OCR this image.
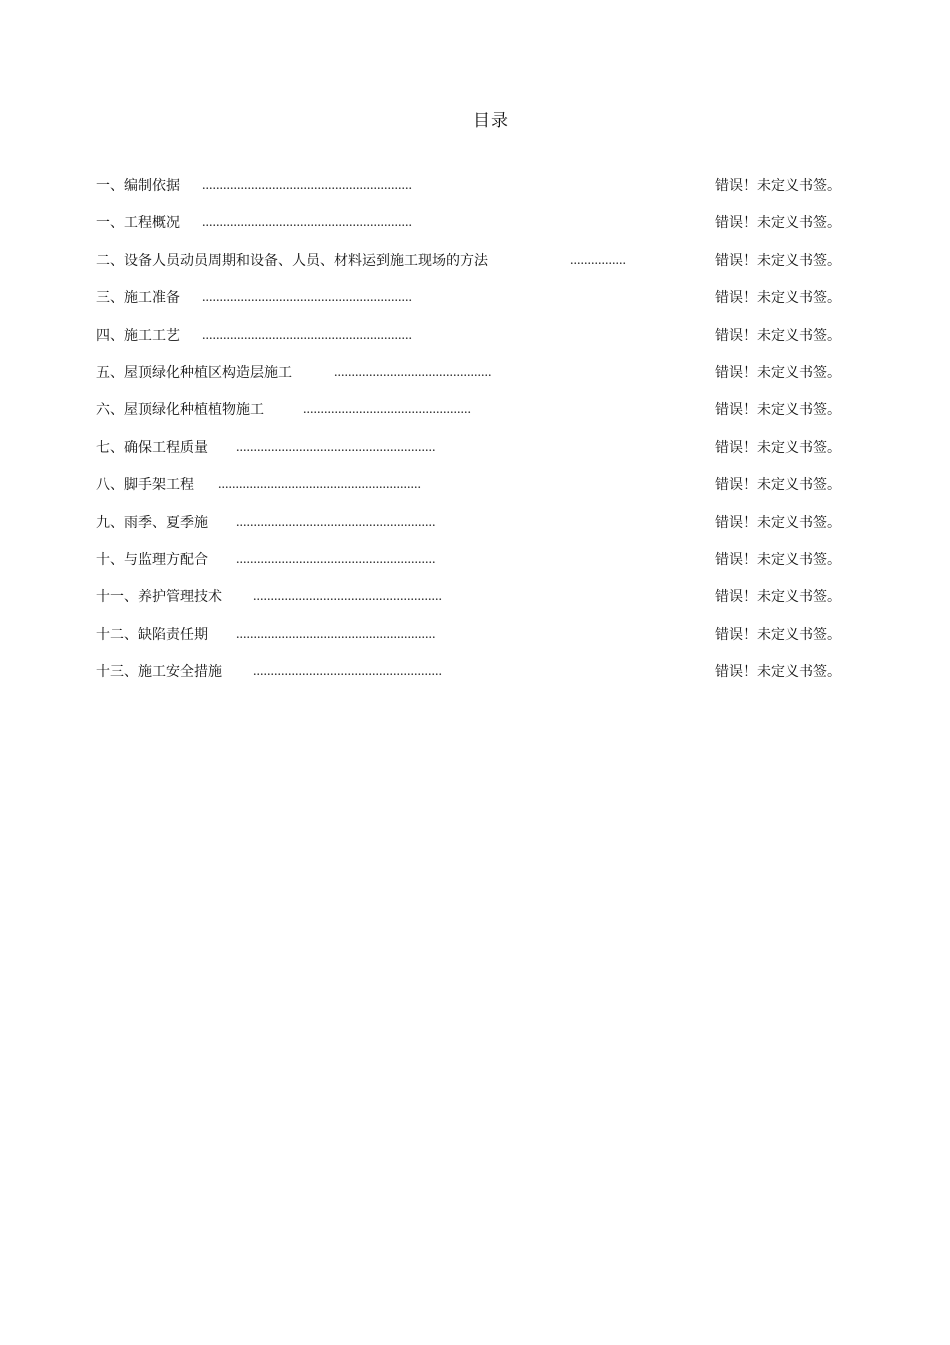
目录
一、编制依据 ............................................................	错误！未定义书签。
一、工程概况 ............................................................	错误！未定义书签。
二、设备人员动员周期和设备、人员、材料运到施工现场的方法	................	错误！未定义书签。
三、施工准备 ............................................................	错误！未定义书签。
四、施工工艺 ............................................................	错误！未定义书签。
五、屋顶绿化种植区构造层施工	.............................................	错误！未定义书签。
六、屋顶绿化种植植物施工	................................................	错误！未定义书签。
七、确保工程质量 .........................................................	错误！未定义书签。
八、脚手架工程 ..........................................................	错误！未定义书签。
九、雨季、夏季施 .........................................................	错误！未定义书签。
十、与监理方配合 .........................................................	错误！未定义书签。
十一、养护管理技术 ......................................................	错误！未定义书签。
十二、缺陷责任期 .........................................................	错误！未定义书签。
十三、施工安全措施 ......................................................	错误！未定义书签。
